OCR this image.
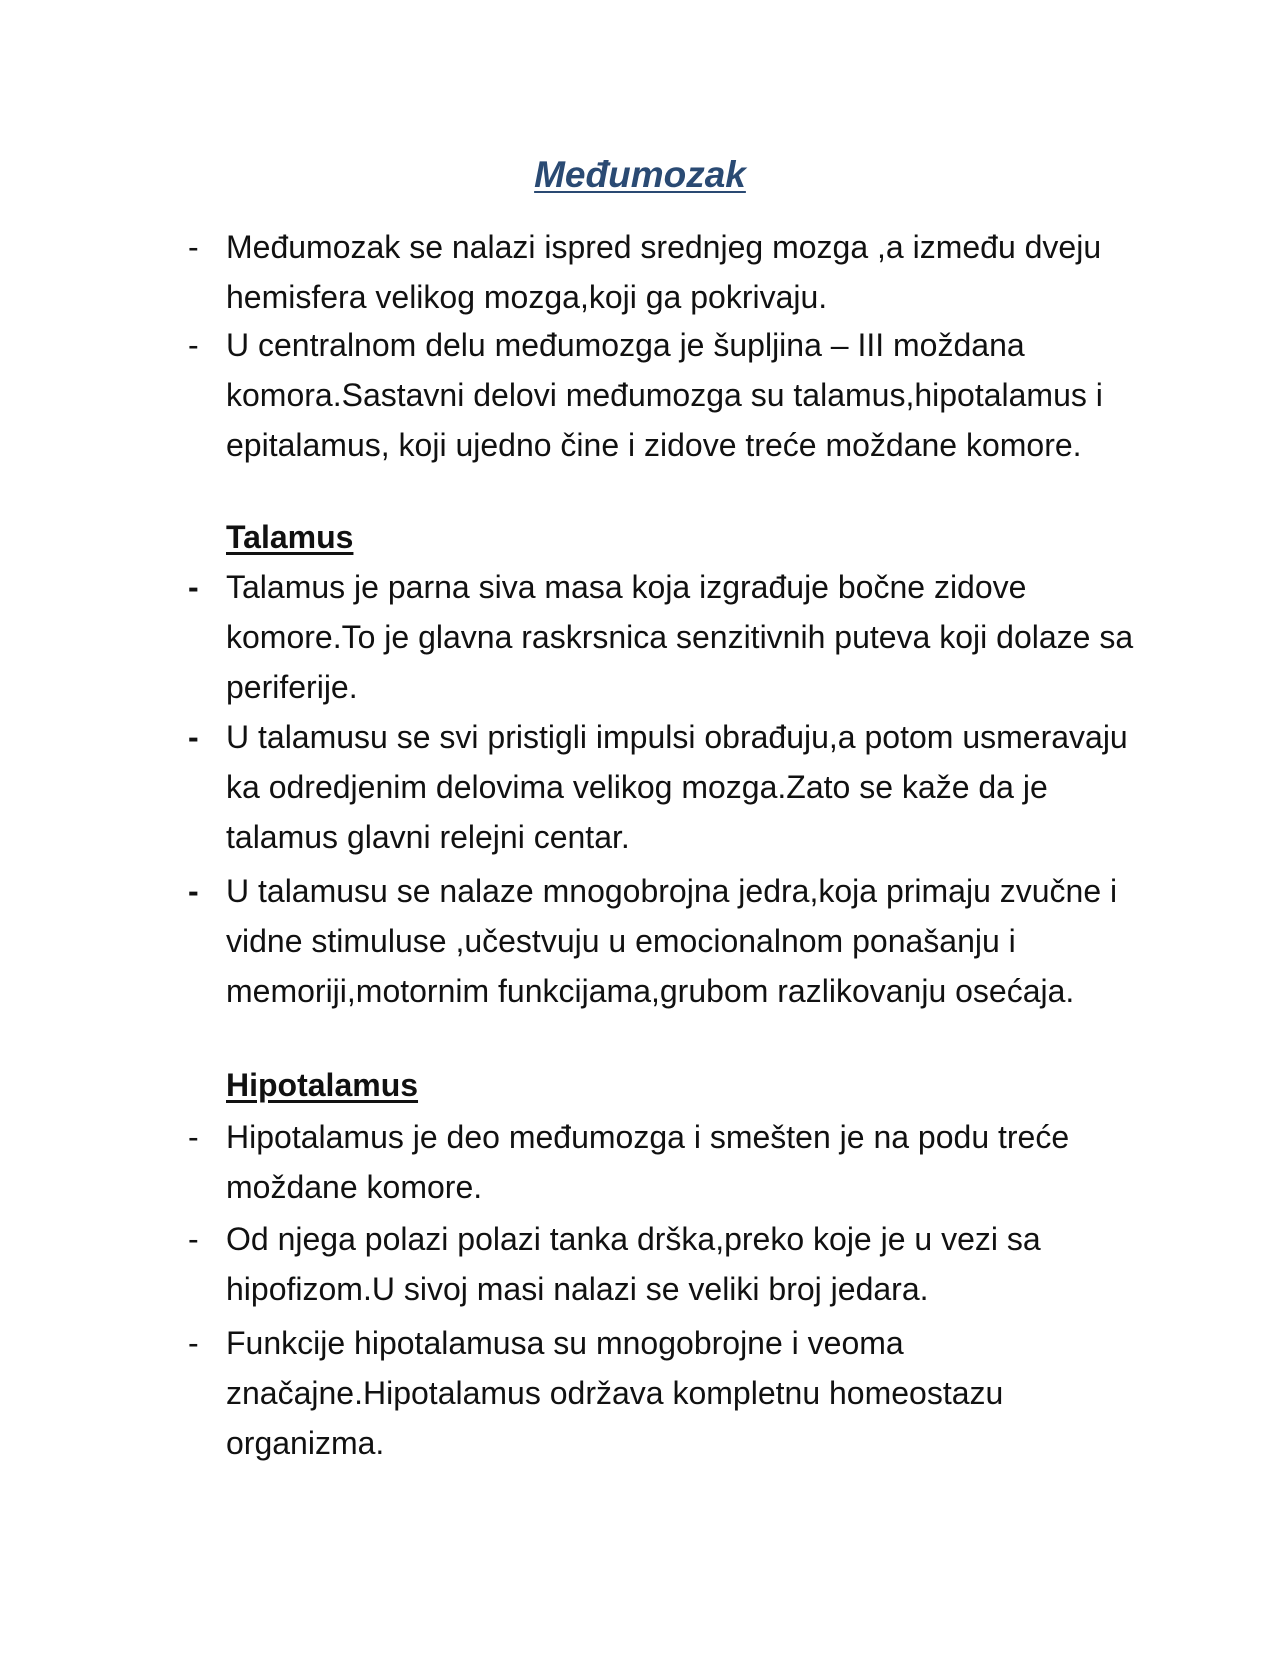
Međumozak
- Međumozak se nalazi ispred srednjeg mozga ,a između dveju hemisfera velikog mozga,koji ga pokrivaju.
- U centralnom delu međumozga je šupljina – III moždana komora.Sastavni delovi međumozga su talamus,hipotalamus i epitalamus, koji ujedno čine i zidove treće moždane komore.
Talamus
- Talamus je parna siva masa koja izgrađuje bočne zidove komore.To je glavna raskrsnica senzitivnih puteva koji dolaze sa periferije.
- U talamusu se svi pristigli impulsi obrađuju,a potom usmeravaju ka odredjenim delovima velikog mozga.Zato se kaže da je talamus glavni relejni centar.
- U talamusu se nalaze mnogobrojna jedra,koja primaju zvučne i vidne stimuluse ,učestvuju u emocionalnom ponašanju i memoriji,motornim funkcijama,grubom razlikovanju osećaja.
Hipotalamus
- Hipotalamus je deo međumozga i smešten je na podu treće moždane komore.
- Od njega polazi polazi tanka drška,preko koje je u vezi sa hipofizom.U sivoj masi nalazi se veliki broj jedara.
- Funkcije hipotalamusa su mnogobrojne i veoma značajne.Hipotalamus održava kompletnu homeostazu organizma.
